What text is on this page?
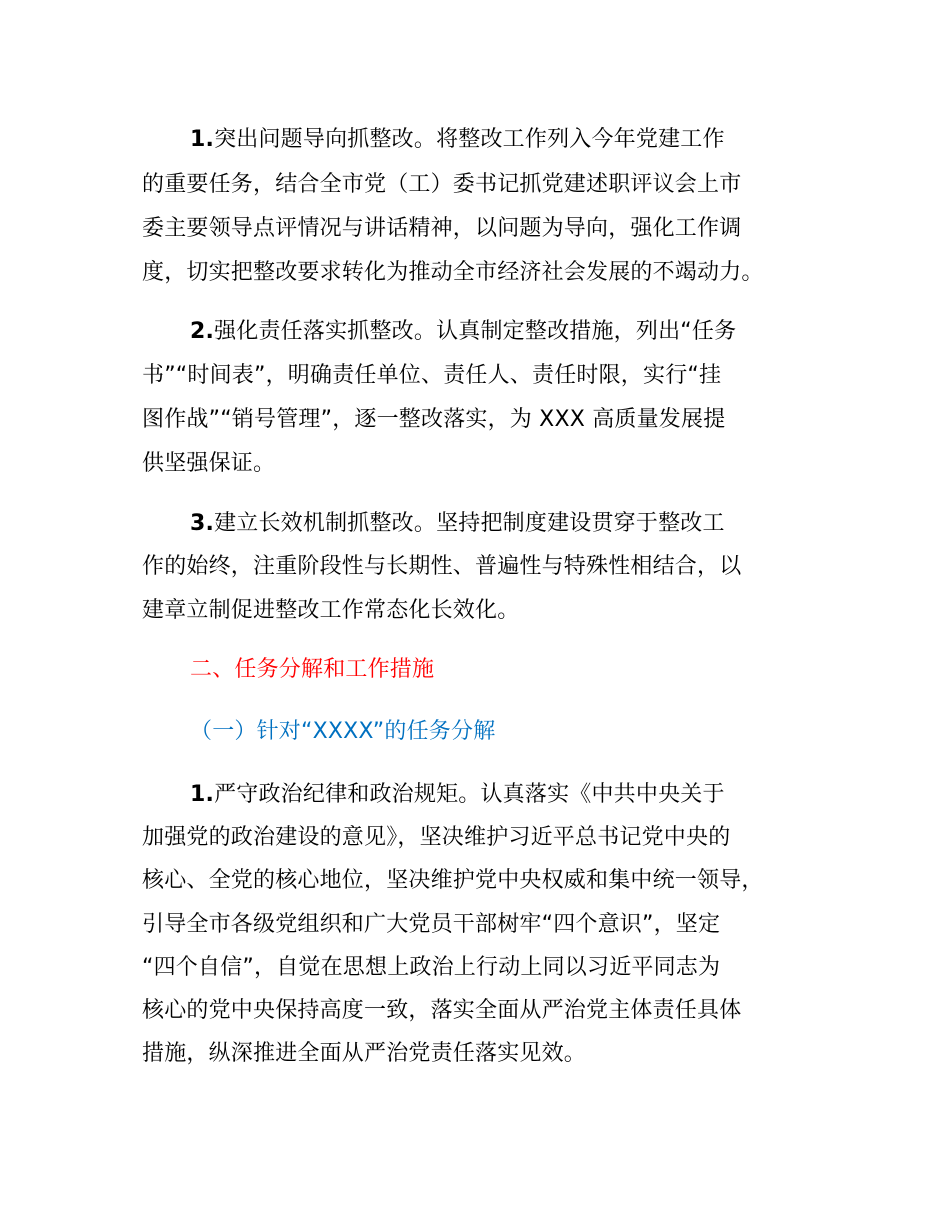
1.突出问题导向抓整改。将整改工作列入今年党建工作
的重要任务，结合全市党（工）委书记抓党建述职评议会上市
委主要领导点评情况与讲话精神，以问题为导向，强化工作调
度，切实把整改要求转化为推动全市经济社会发展的不竭动力。
2.强化责任落实抓整改。认真制定整改措施，列出“任务
书”“时间表”，明确责任单位、责任人、责任时限，实行“挂
图作战”“销号管理”，逐一整改落实，为 XXX 高质量发展提
供坚强保证。
3.建立长效机制抓整改。坚持把制度建设贯穿于整改工
作的始终，注重阶段性与长期性、普遍性与特殊性相结合，以
建章立制促进整改工作常态化长效化。
二、任务分解和工作措施
（一）针对“XXXX”的任务分解
1.严守政治纪律和政治规矩。认真落实《中共中央关于
加强党的政治建设的意见》，坚决维护习近平总书记党中央的
核心、全党的核心地位，坚决维护党中央权威和集中统一领导，
引导全市各级党组织和广大党员干部树牢“四个意识”，坚定
“四个自信”，自觉在思想上政治上行动上同以习近平同志为
核心的党中央保持高度一致，落实全面从严治党主体责任具体
措施，纵深推进全面从严治党责任落实见效。
